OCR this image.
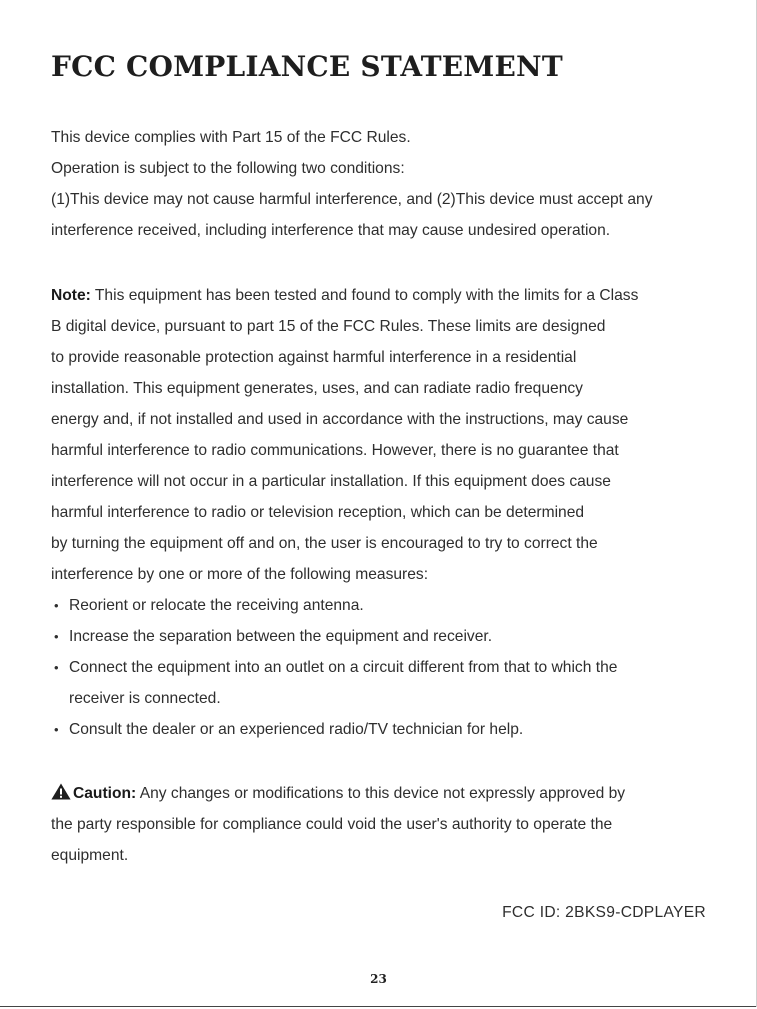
FCC COMPLIANCE STATEMENT
This device complies with Part 15 of the FCC Rules.
Operation is subject to the following two conditions:
(1)This device may not cause harmful interference, and (2)This device must accept any
interference received, including interference that may cause undesired operation.
Note: This equipment has been tested and found to comply with the limits for a Class
B digital device, pursuant to part 15 of the FCC Rules. These limits are designed
to provide reasonable protection against harmful interference in a residential
installation. This equipment generates, uses, and can radiate radio frequency
energy and, if not installed and used in accordance with the instructions, may cause
harmful interference to radio communications. However, there is no guarantee that
interference will not occur in a particular installation. If this equipment does cause
harmful interference to radio or television reception, which can be determined
by turning the equipment off and on, the user is encouraged to try to correct the
interference by one or more of the following measures:
• Reorient or relocate the receiving antenna.
• Increase the separation between the equipment and receiver.
• Connect the equipment into an outlet on a circuit different from that to which the
receiver is connected.
• Consult the dealer or an experienced radio/TV technician for help.
Caution: Any changes or modifications to this device not expressly approved by
the party responsible for compliance could void the user's authority to operate the
equipment.
FCC ID: 2BKS9-CDPLAYER
23
